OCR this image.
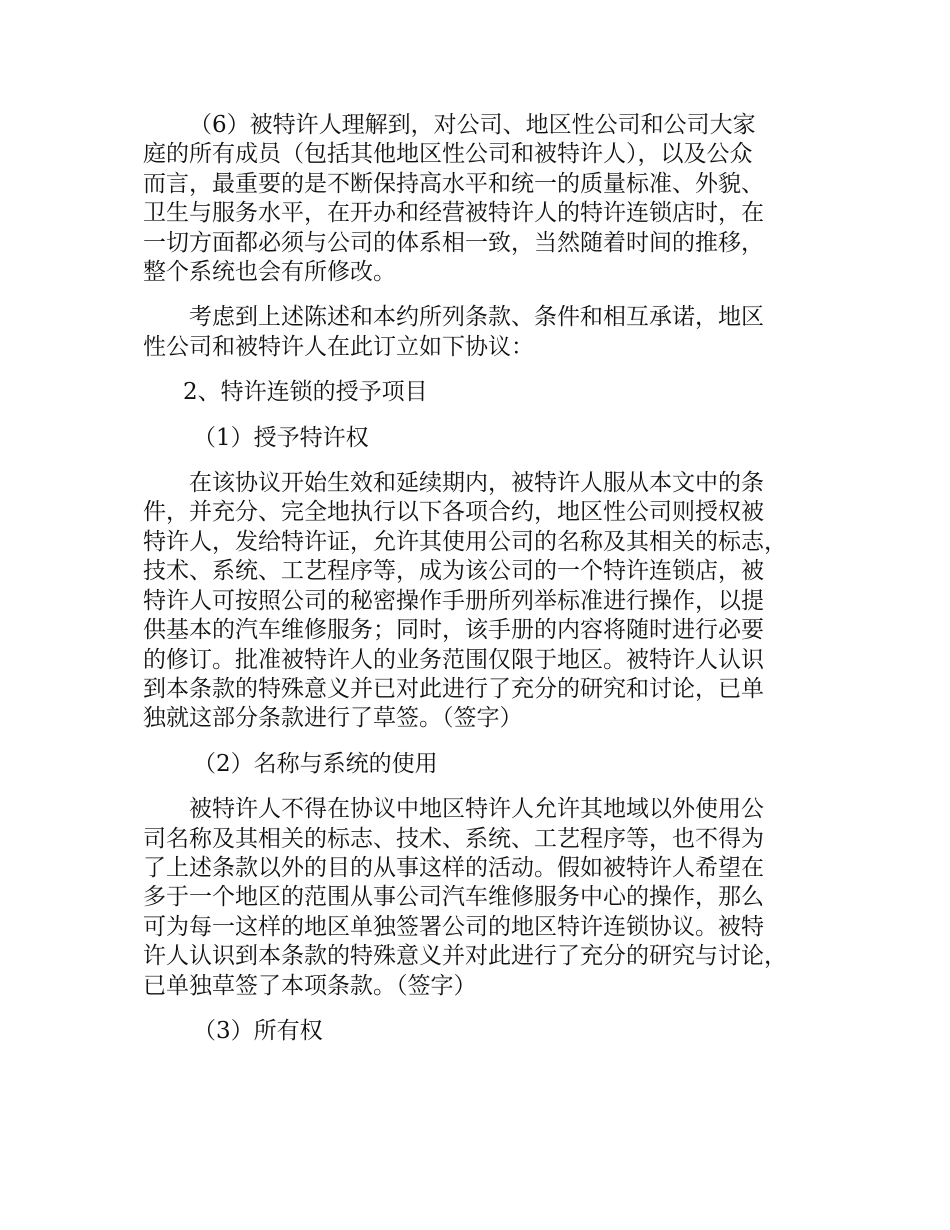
（6）被特许人理解到，对公司、地区性公司和公司大家
庭的所有成员（包括其他地区性公司和被特许人），以及公众
而言，最重要的是不断保持高水平和统一的质量标准、外貌、
卫生与服务水平，在开办和经营被特许人的特许连锁店时，在
一切方面都必须与公司的体系相一致，当然随着时间的推移，
整个系统也会有所修改。
考虑到上述陈述和本约所列条款、条件和相互承诺，地区
性公司和被特许人在此订立如下协议：
2、特许连锁的授予项目
（1）授予特许权
在该协议开始生效和延续期内，被特许人服从本文中的条
件，并充分、完全地执行以下各项合约，地区性公司则授权被
特许人，发给特许证，允许其使用公司的名称及其相关的标志，
技术、系统、工艺程序等，成为该公司的一个特许连锁店，被
特许人可按照公司的秘密操作手册所列举标准进行操作，以提
供基本的汽车维修服务；同时，该手册的内容将随时进行必要
的修订。批准被特许人的业务范围仅限于地区。被特许人认识
到本条款的特殊意义并已对此进行了充分的研究和讨论，已单
独就这部分条款进行了草签。（签字）
（2）名称与系统的使用
被特许人不得在协议中地区特许人允许其地域以外使用公
司名称及其相关的标志、技术、系统、工艺程序等，也不得为
了上述条款以外的目的从事这样的活动。假如被特许人希望在
多于一个地区的范围从事公司汽车维修服务中心的操作，那么
可为每一这样的地区单独签署公司的地区特许连锁协议。被特
许人认识到本条款的特殊意义并对此进行了充分的研究与讨论，
已单独草签了本项条款。（签字）
（3）所有权
